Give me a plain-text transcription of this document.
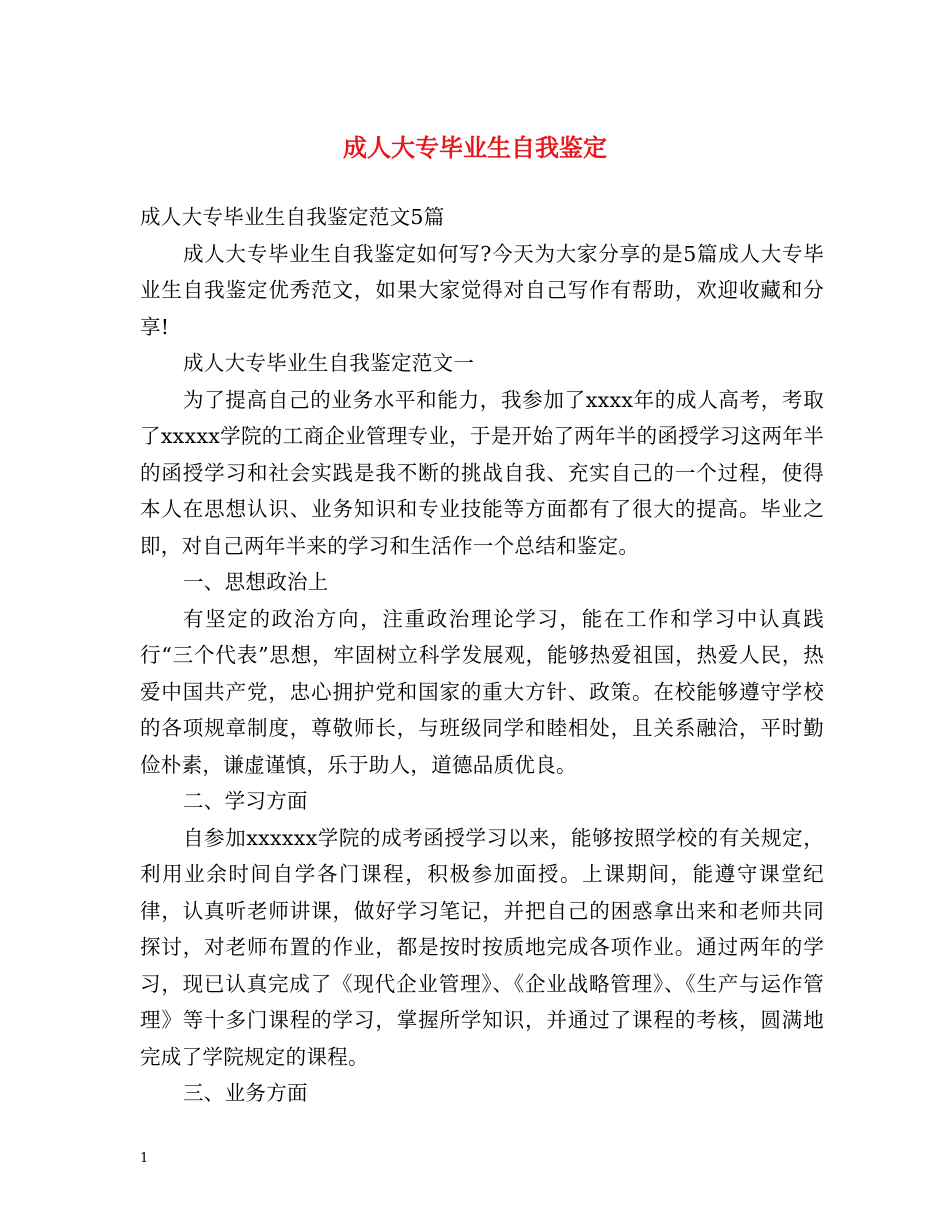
成人大专毕业生自我鉴定

成人大专毕业生自我鉴定范文5篇

成人大专毕业生自我鉴定如何写?今天为大家分享的是5篇成人大专毕业生自我鉴定优秀范文，如果大家觉得对自己写作有帮助，欢迎收藏和分享!

成人大专毕业生自我鉴定范文一

为了提高自己的业务水平和能力，我参加了xxxx年的成人高考，考取了xxxxx学院的工商企业管理专业，于是开始了两年半的函授学习这两年半的函授学习和社会实践是我不断的挑战自我、充实自己的一个过程，使得本人在思想认识、业务知识和专业技能等方面都有了很大的提高。毕业之即，对自己两年半来的学习和生活作一个总结和鉴定。

一、思想政治上

有坚定的政治方向，注重政治理论学习，能在工作和学习中认真践行“三个代表”思想，牢固树立科学发展观，能够热爱祖国，热爱人民，热爱中国共产党，忠心拥护党和国家的重大方针、政策。在校能够遵守学校的各项规章制度，尊敬师长，与班级同学和睦相处，且关系融洽，平时勤俭朴素，谦虚谨慎，乐于助人，道德品质优良。

二、学习方面

自参加xxxxxx学院的成考函授学习以来，能够按照学校的有关规定，利用业余时间自学各门课程，积极参加面授。上课期间，能遵守课堂纪律，认真听老师讲课，做好学习笔记，并把自己的困惑拿出来和老师共同探讨，对老师布置的作业，都是按时按质地完成各项作业。通过两年的学习，现已认真完成了《现代企业管理》、《企业战略管理》、《生产与运作管理》等十多门课程的学习，掌握所学知识，并通过了课程的考核，圆满地完成了学院规定的课程。

三、业务方面

1
